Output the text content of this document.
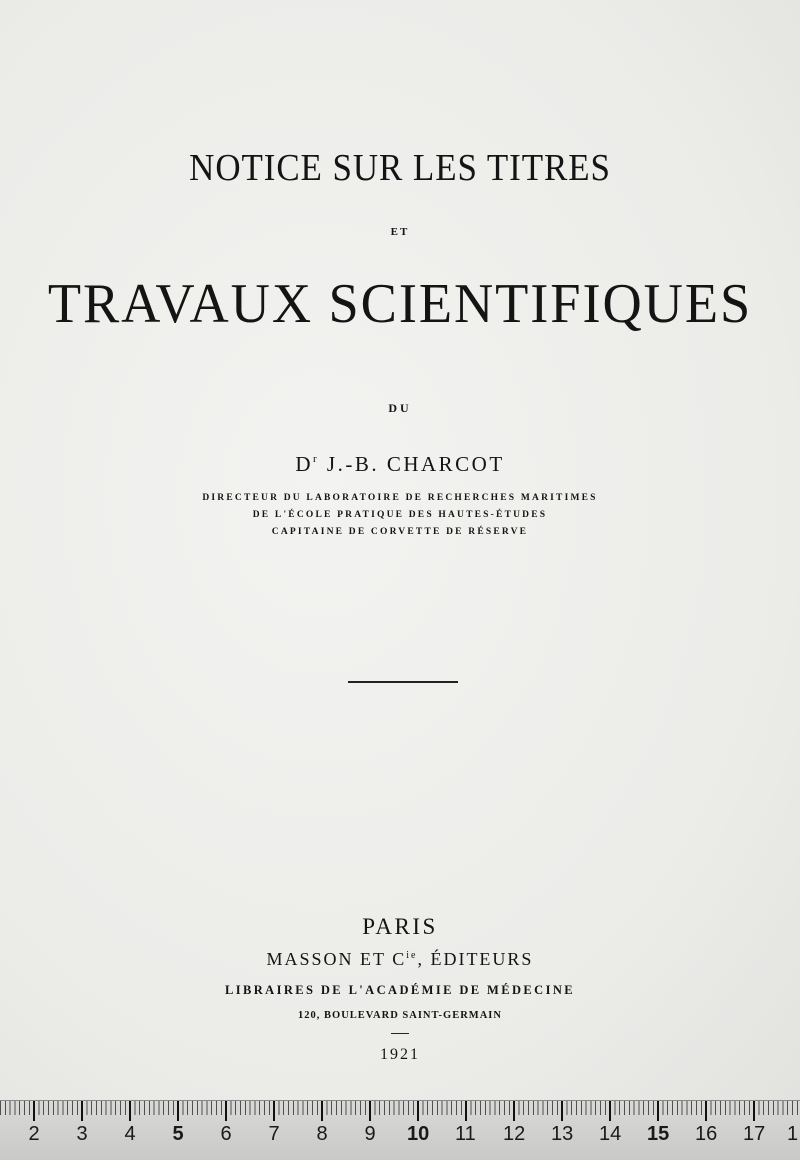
NOTICE SUR LES TITRES
ET
TRAVAUX SCIENTIFIQUES
DU
$D^r$ J.-B. CHARCOT
DIRECTEUR DU LABORATOIRE DE RECHERCHES MARITIMES
DE L'ÉCOLE PRATIQUE DES HAUTES-ÉTUDES
CAPITAINE DE CORVETTE DE RÉSERVE
PARIS
MASSON ET $C^{ie}$, ÉDITEURS
LIBRAIRES DE L'ACADÉMIE DE MÉDECINE
120, BOULEVARD SAINT-GERMAIN
1921
2 3 4 5 6 7 8 9 10 11 12 13 14 15 16 17 1
